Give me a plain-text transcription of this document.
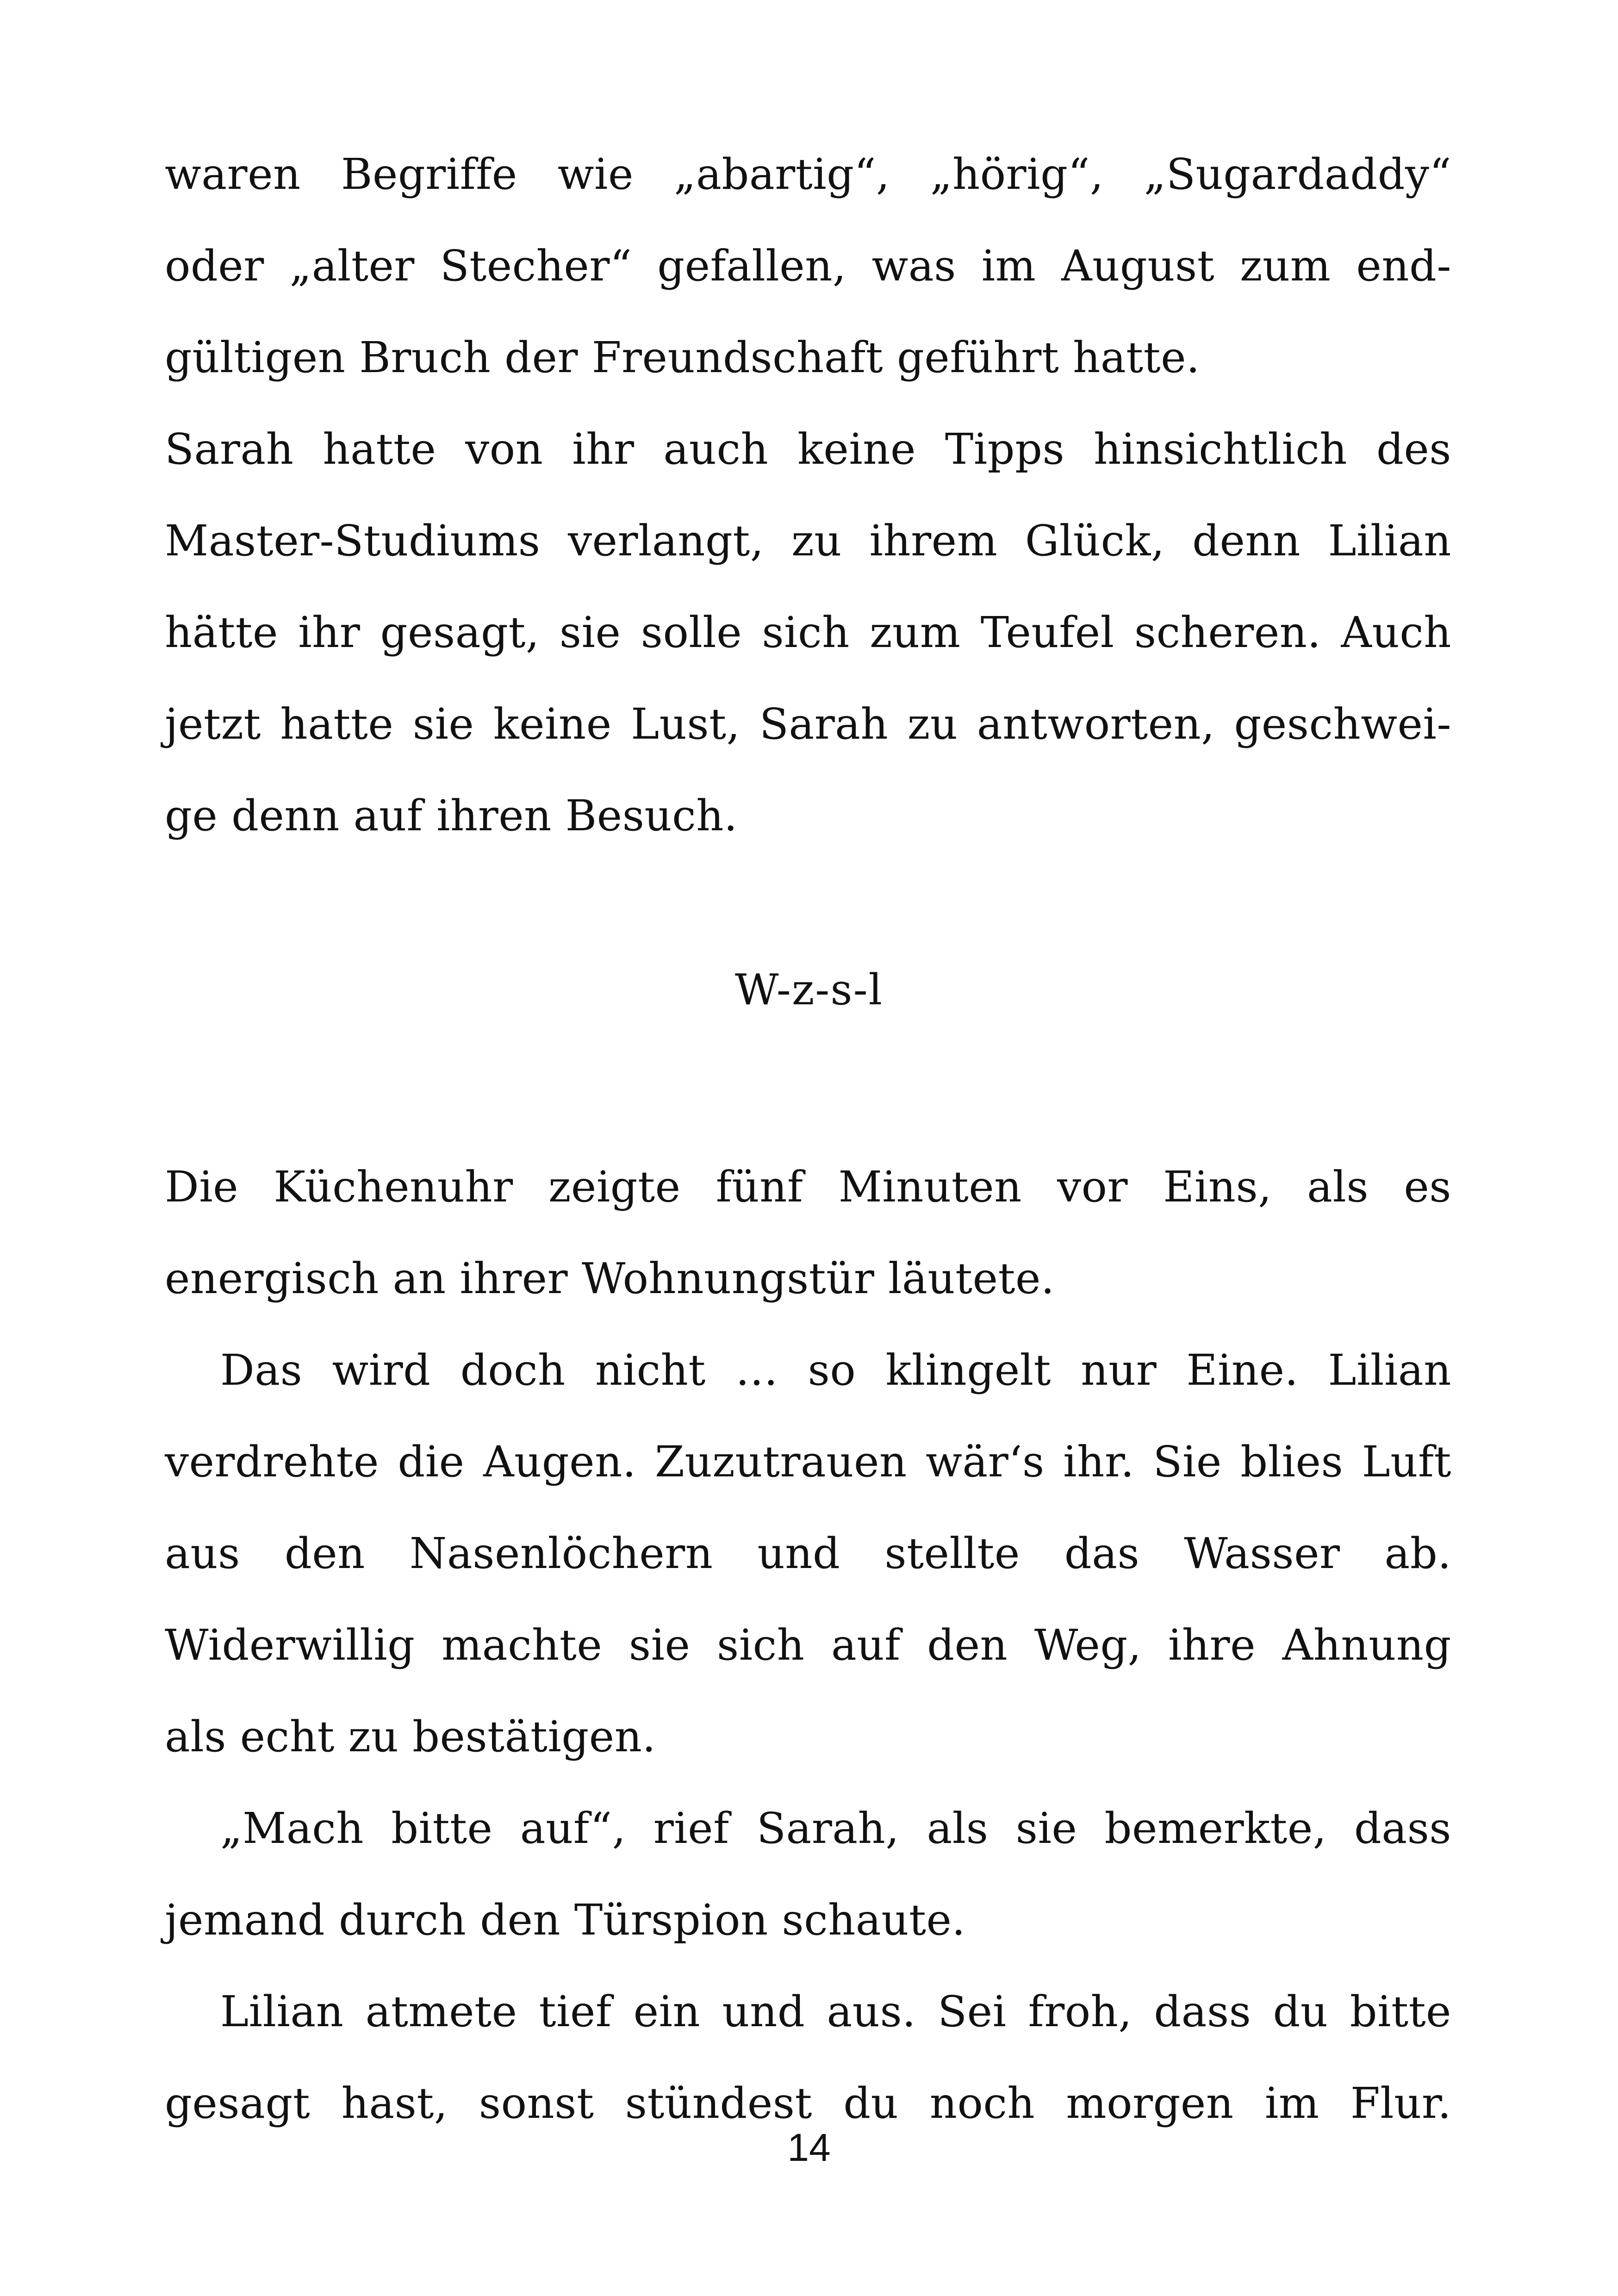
waren Begriffe wie „abartig“, „hörig“, „Sugardaddy“
oder „alter Stecher“ gefallen, was im August zum end-
gültigen Bruch der Freundschaft geführt hatte.
Sarah hatte von ihr auch keine Tipps hinsichtlich des
Master-Studiums verlangt, zu ihrem Glück, denn Lilian
hätte ihr gesagt, sie solle sich zum Teufel scheren. Auch
jetzt hatte sie keine Lust, Sarah zu antworten, geschwei-
ge denn auf ihren Besuch.
W-z-s-l
Die Küchenuhr zeigte fünf Minuten vor Eins, als es
energisch an ihrer Wohnungstür läutete.
Das wird doch nicht … so klingelt nur Eine. Lilian
verdrehte die Augen. Zuzutrauen wär‘s ihr. Sie blies Luft
aus den Nasenlöchern und stellte das Wasser ab.
Widerwillig machte sie sich auf den Weg, ihre Ahnung
als echt zu bestätigen.
„Mach bitte auf“, rief Sarah, als sie bemerkte, dass
jemand durch den Türspion schaute.
Lilian atmete tief ein und aus. Sei froh, dass du bitte
gesagt hast, sonst stündest du noch morgen im Flur.
14
